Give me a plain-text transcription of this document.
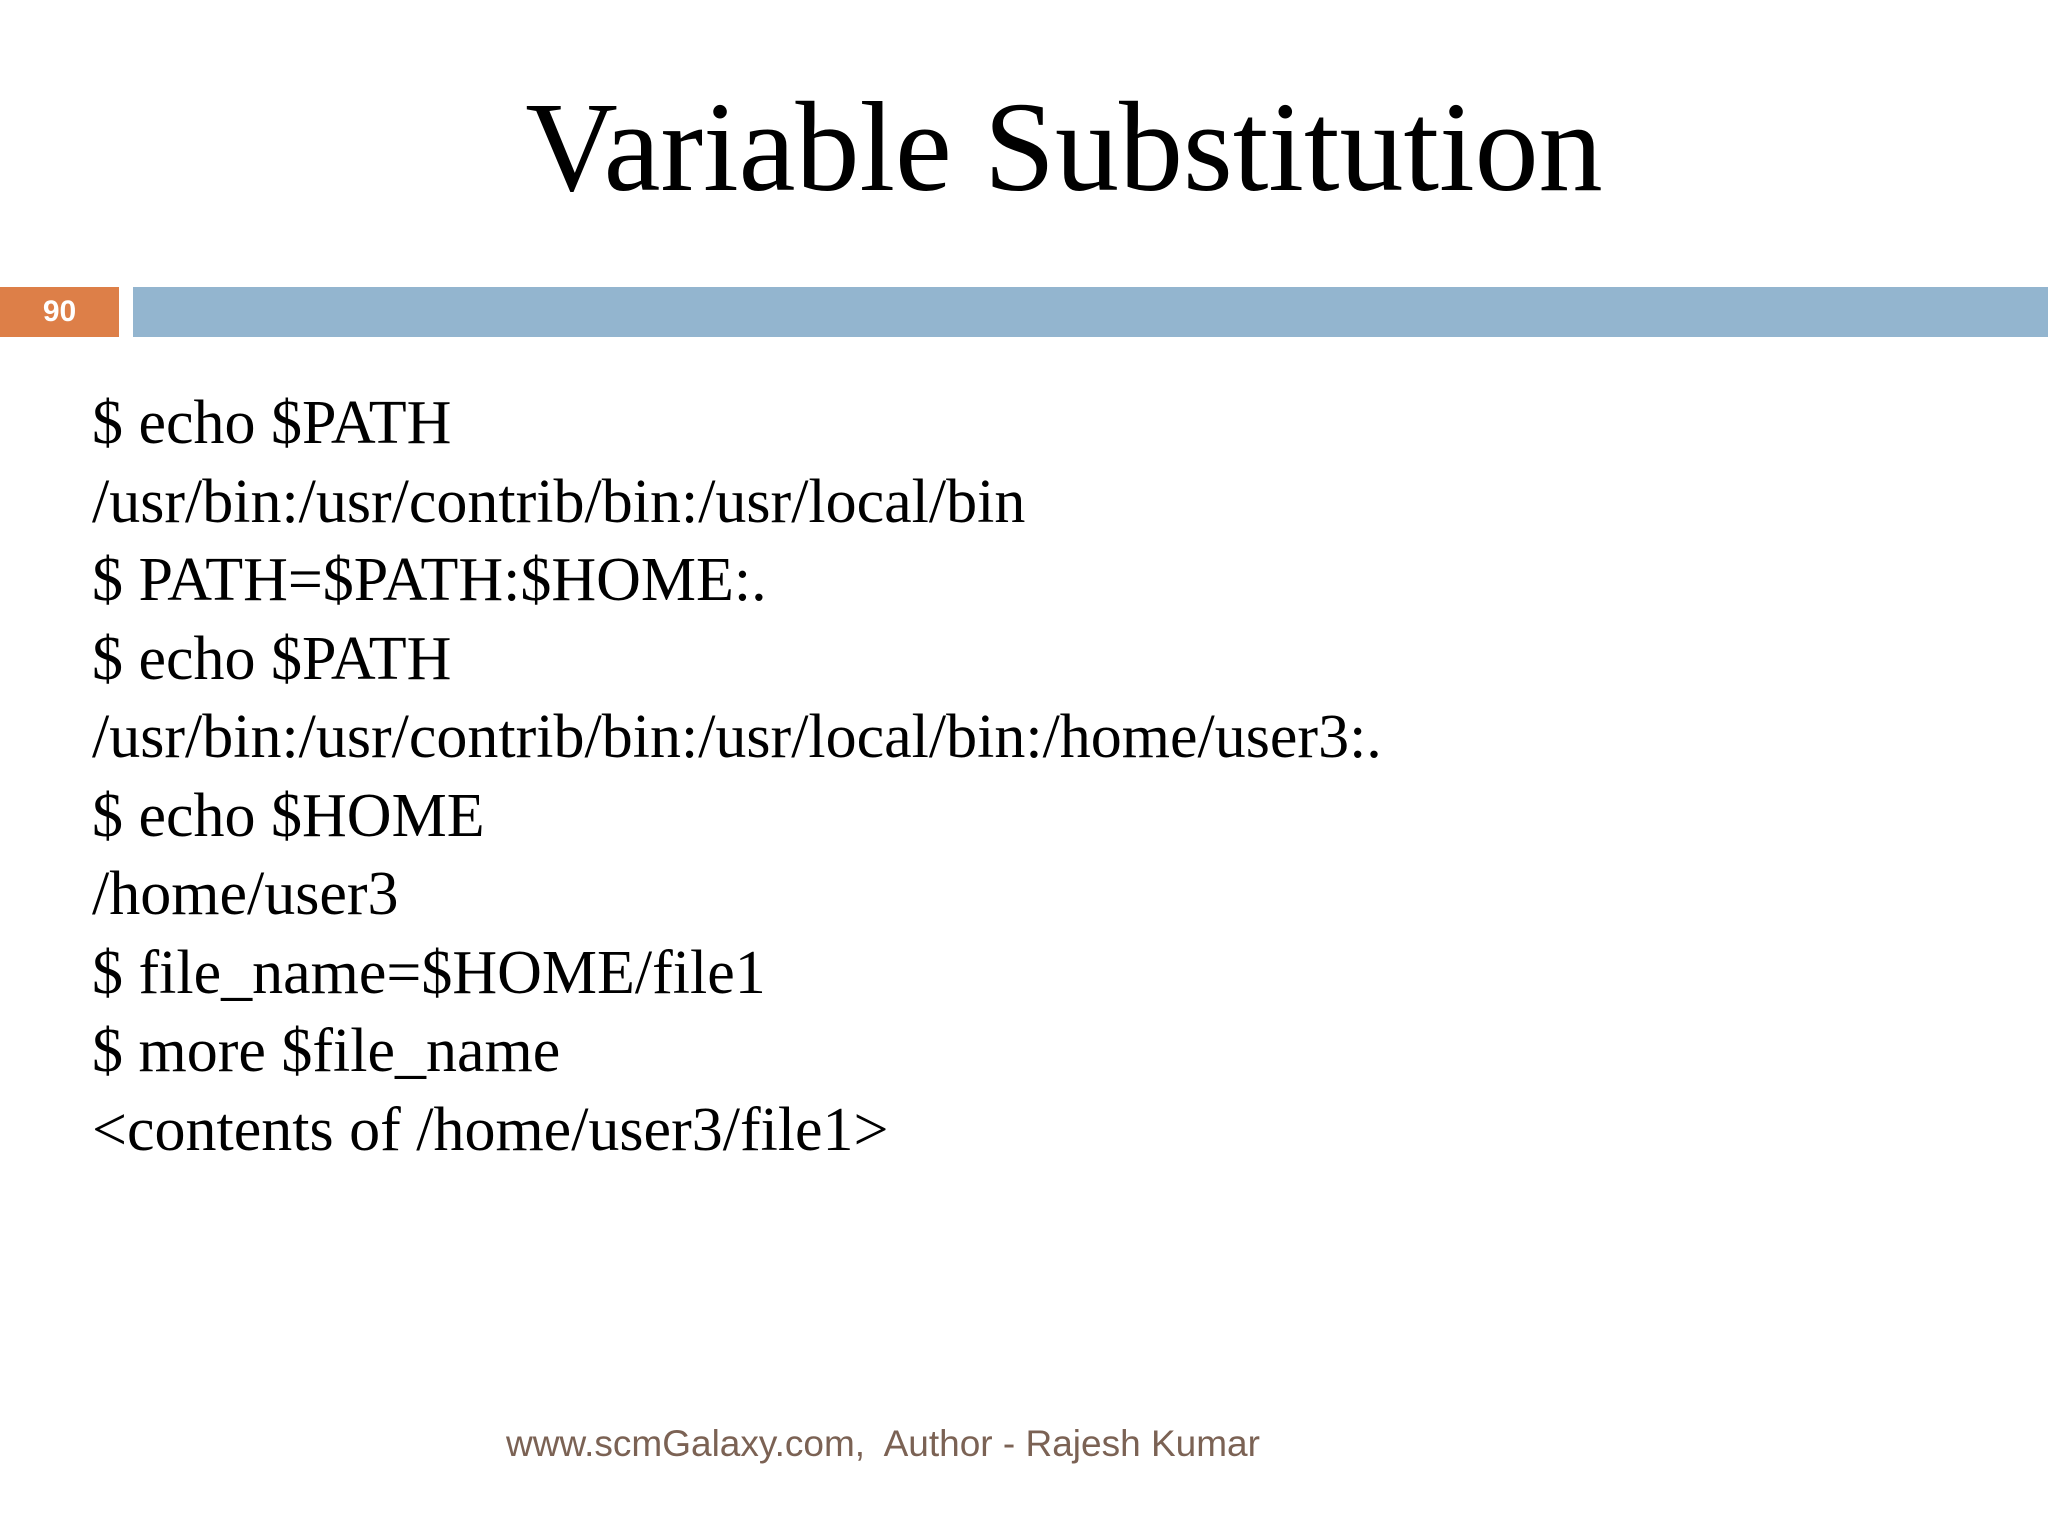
Variable Substitution
90

$ echo $PATH

/usr/bin:/usr/contrib/bin:/usr/local/bin

$ PATH=$PATH:$HOME:.

$ echo $PATH

/usr/bin:/usr/contrib/bin:/usr/local/bin:/home/user3:.

$ echo $HOME

/home/user3

$ file_name=$HOME/file1

$ more $file_name

<contents of /home/user3/file1>

www.scmGalaxy.com,  Author - Rajesh Kumar
